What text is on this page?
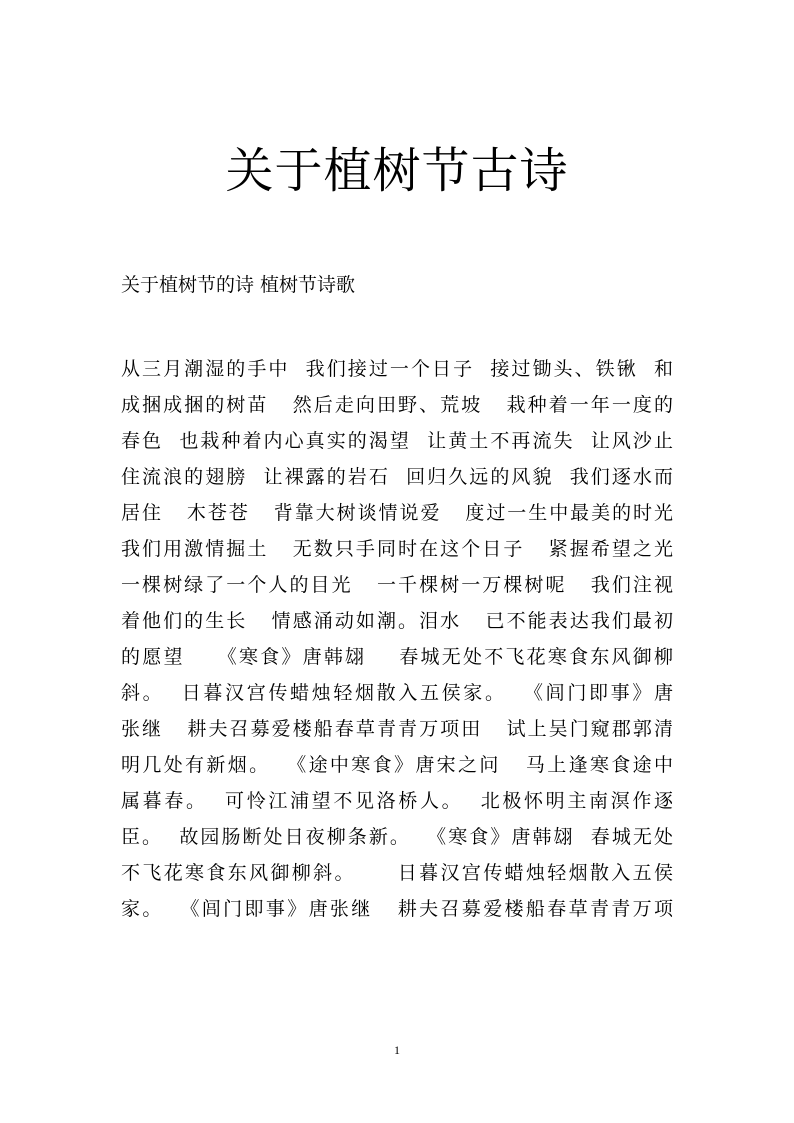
关于植树节古诗

关于植树节的诗 植树节诗歌

从三月潮湿的手中  我们接过一个日子  接过锄头、铁锹  和
成捆成捆的树苗   然后走向田野、荒坡   栽种着一年一度的
春色  也栽种着内心真实的渴望  让黄土不再流失  让风沙止
住流浪的翅膀  让裸露的岩石  回归久远的风貌  我们逐水而
居住   木苍苍   背靠大树谈情说爱   度过一生中最美的时光
我们用激情掘土   无数只手同时在这个日子   紧握希望之光
一棵树绿了一个人的目光   一千棵树一万棵树呢   我们注视
着他们的生长   情感涌动如潮。泪水   已不能表达我们最初
的愿望    《寒食》唐韩翃    春城无处不飞花寒食东风御柳
斜。  日暮汉宫传蜡烛轻烟散入五侯家。  《闾门即事》唐
张继   耕夫召募爱楼船春草青青万项田   试上吴门窥郡郭清
明几处有新烟。  《途中寒食》唐宋之问   马上逢寒食途中
属暮春。  可怜江浦望不见洛桥人。  北极怀明主南溟作逐
臣。  故园肠断处日夜柳条新。  《寒食》唐韩翃  春城无处
不飞花寒食东风御柳斜。     日暮汉宫传蜡烛轻烟散入五侯
家。  《闾门即事》唐张继   耕夫召募爱楼船春草青青万项
1
